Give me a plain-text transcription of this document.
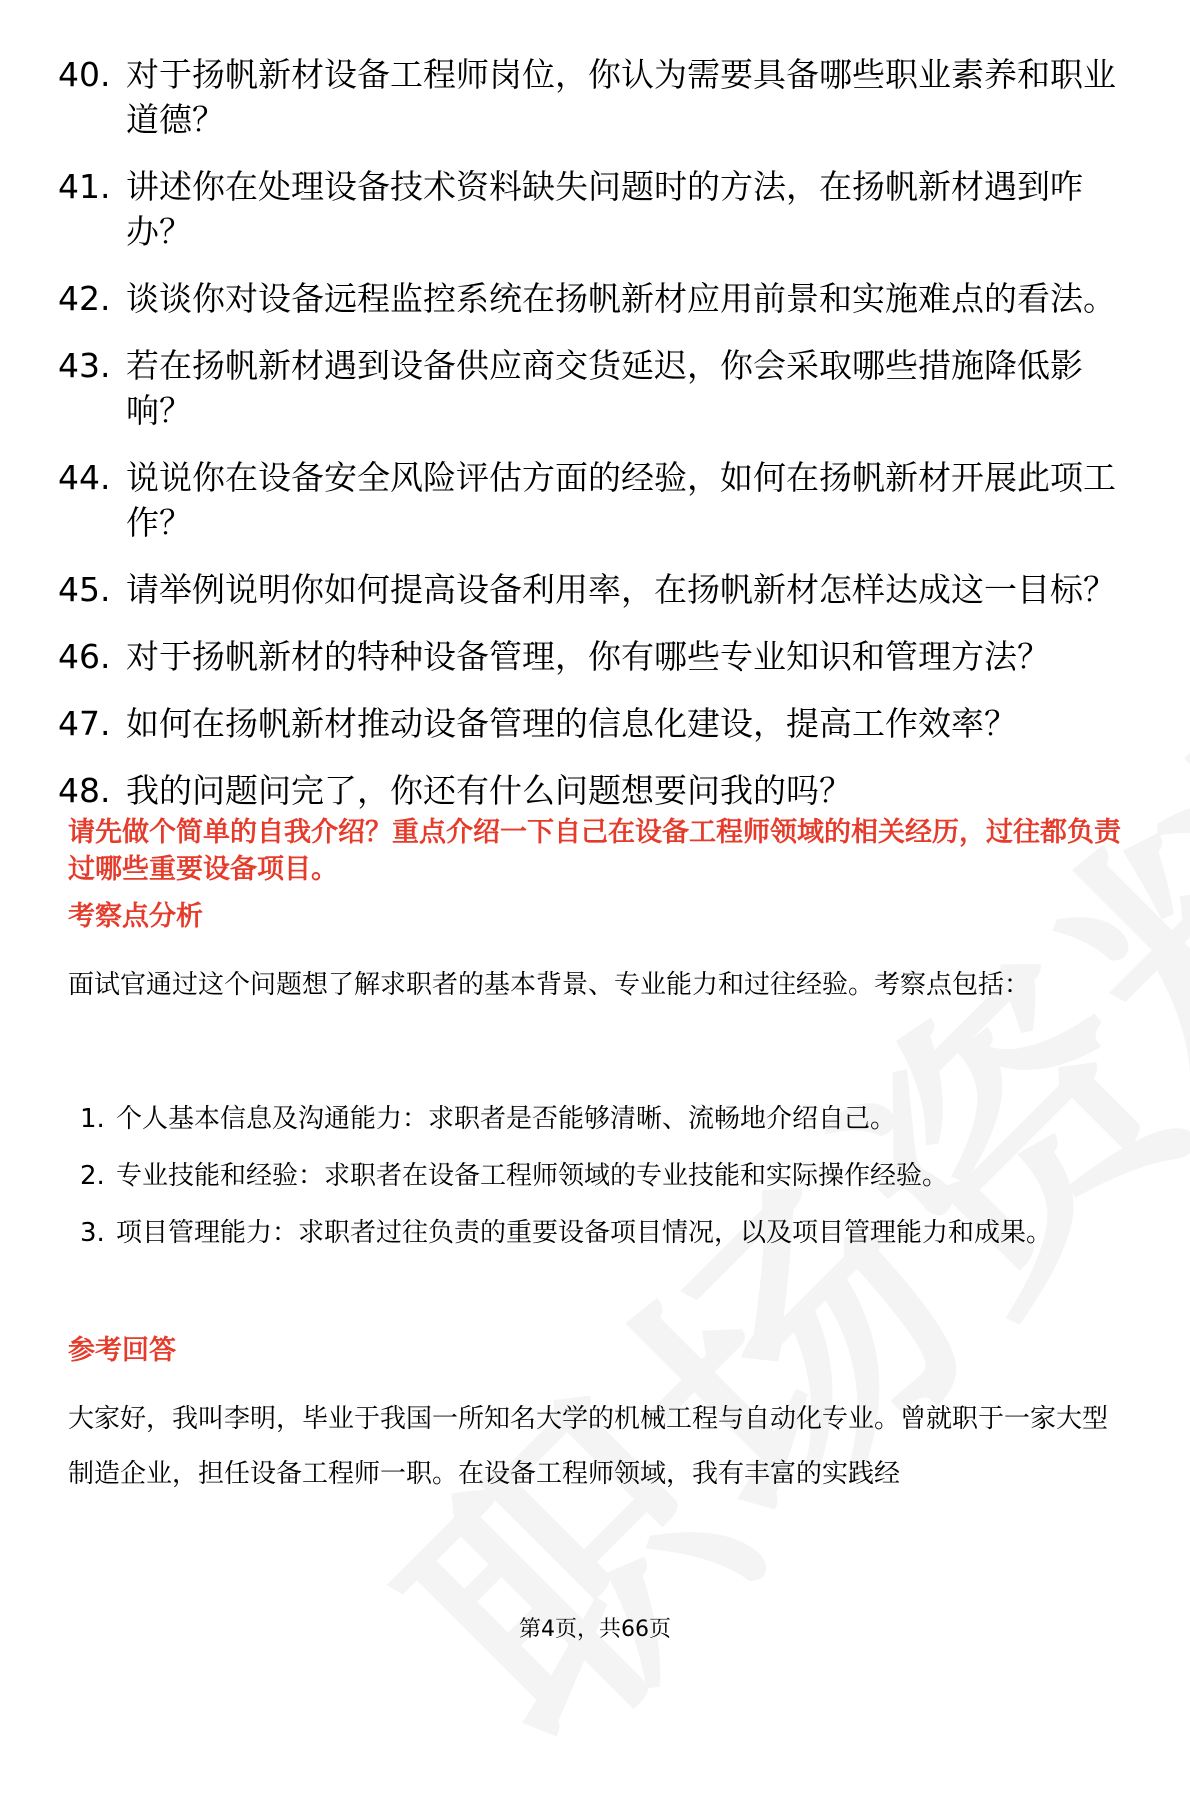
40. 对于扬帆新材设备工程师岗位，你认为需要具备哪些职业素养和职业道德？
41. 讲述你在处理设备技术资料缺失问题时的方法，在扬帆新材遇到咋办？
42. 谈谈你对设备远程监控系统在扬帆新材应用前景和实施难点的看法。
43. 若在扬帆新材遇到设备供应商交货延迟，你会采取哪些措施降低影响？
44. 说说你在设备安全风险评估方面的经验，如何在扬帆新材开展此项工作？
45. 请举例说明你如何提高设备利用率，在扬帆新材怎样达成这一目标？
46. 对于扬帆新材的特种设备管理，你有哪些专业知识和管理方法？
47. 如何在扬帆新材推动设备管理的信息化建设，提高工作效率？
48. 我的问题问完了，你还有什么问题想要问我的吗？
请先做个简单的自我介绍？重点介绍一下自己在设备工程师领域的相关经历，过往都负责过哪些重要设备项目。
考察点分析
面试官通过这个问题想了解求职者的基本背景、专业能力和过往经验。考察点包括：
1. 个人基本信息及沟通能力：求职者是否能够清晰、流畅地介绍自己。
2. 专业技能和经验：求职者在设备工程师领域的专业技能和实际操作经验。
3. 项目管理能力：求职者过往负责的重要设备项目情况，以及项目管理能力和成果。
参考回答
大家好，我叫李明，毕业于我国一所知名大学的机械工程与自动化专业。曾就职于一家大型制造企业，担任设备工程师一职。在设备工程师领域，我有丰富的实践经
第4页，共66页
